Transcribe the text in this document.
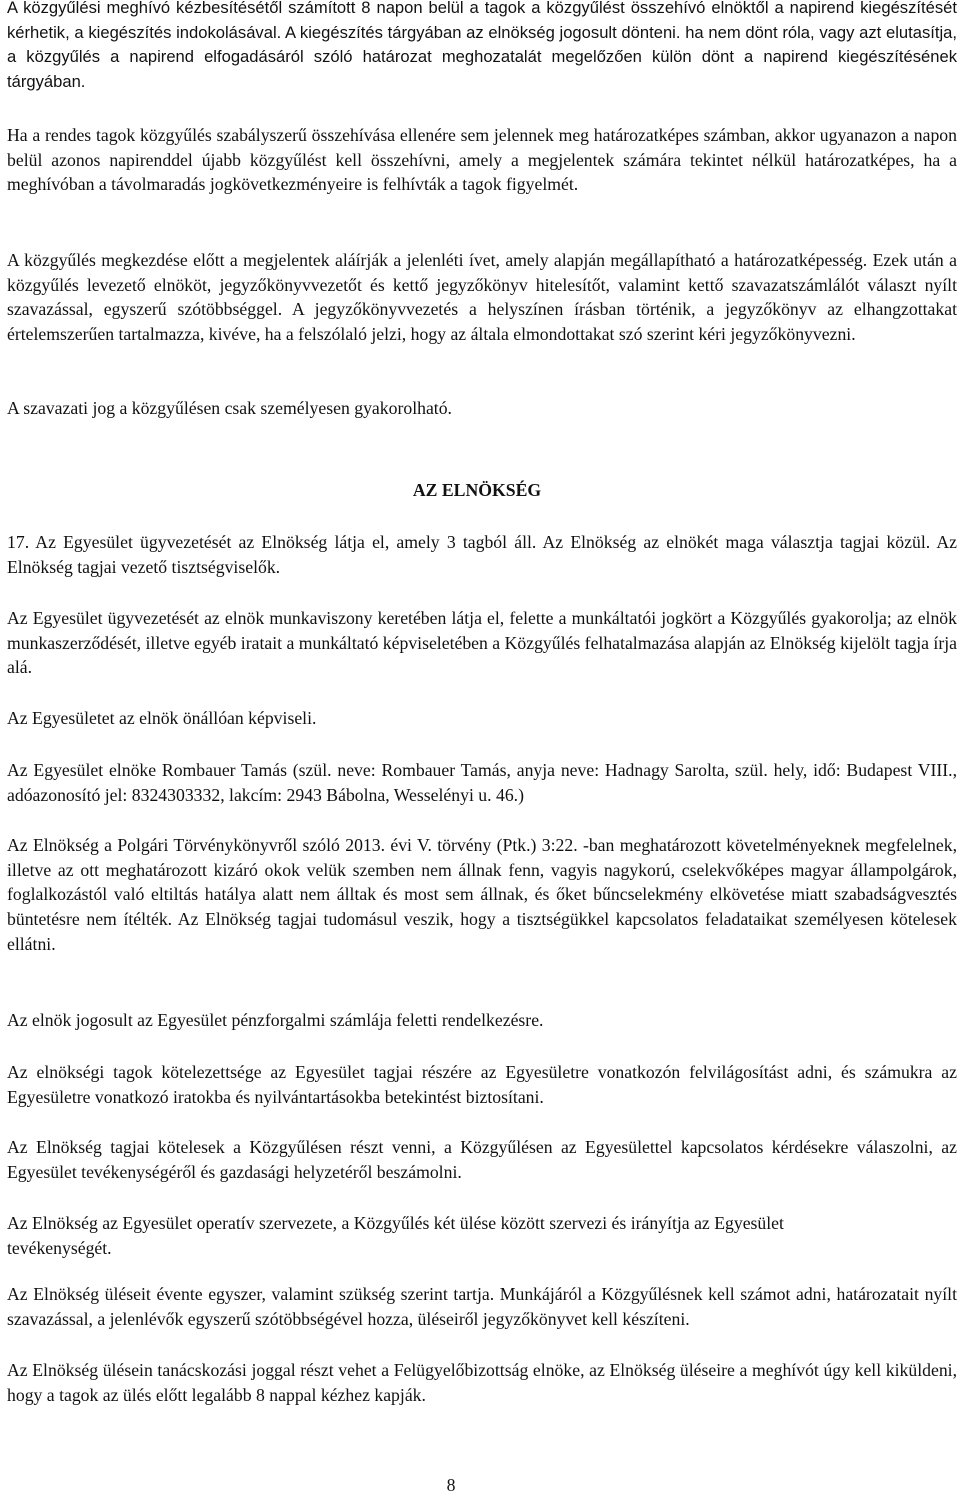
A közgyűlési meghívó kézbesítésétől számított 8 napon belül a tagok a közgyűlést összehívó elnöktől a napirend kiegészítését kérhetik, a kiegészítés indokolásával. A kiegészítés tárgyában az elnökség jogosult dönteni. ha nem dönt róla, vagy azt elutasítja, a közgyűlés a napirend elfogadásáról szóló határozat meghozatalát megelőzően külön dönt a napirend kiegészítésének tárgyában.

Ha a rendes tagok közgyűlés szabályszerű összehívása ellenére sem jelennek meg határozatképes számban, akkor ugyanazon a napon belül azonos napirenddel újabb közgyűlést kell összehívni, amely a megjelentek számára tekintet nélkül határozatképes, ha a meghívóban a távolmaradás jogkövetkezményeire is felhívták a tagok figyelmét.

A közgyűlés megkezdése előtt a megjelentek aláírják a jelenléti ívet, amely alapján megállapítható a határozatképesség. Ezek után a közgyűlés levezető elnököt, jegyzőkönyvvezetőt és kettő jegyzőkönyv hitelesítőt, valamint kettő szavazatszámlálót választ nyílt szavazással, egyszerű szótöbbséggel. A jegyzőkönyvvezetés a helyszínen írásban történik, a jegyzőkönyv az elhangzottakat értelemszerűen tartalmazza, kivéve, ha a felszólaló jelzi, hogy az általa elmondottakat szó szerint kéri jegyzőkönyvezni.

A szavazati jog a közgyűlésen csak személyesen gyakorolható.

AZ ELNÖKSÉG

17. Az Egyesület ügyvezetését az Elnökség látja el, amely 3 tagból áll. Az Elnökség az elnökét maga választja tagjai közül. Az Elnökség tagjai vezető tisztségviselők.

Az Egyesület ügyvezetését az elnök munkaviszony keretében látja el, felette a munkáltatói jogkört a Közgyűlés gyakorolja; az elnök munkaszerződését, illetve egyéb iratait a munkáltató képviseletében a Közgyűlés felhatalmazása alapján az Elnökség kijelölt tagja írja alá.

Az Egyesületet az elnök önállóan képviseli.

Az Egyesület elnöke Rombauer Tamás (szül. neve: Rombauer Tamás, anyja neve: Hadnagy Sarolta, szül. hely, idő: Budapest VIII., adóazonosító jel: 8324303332, lakcím: 2943 Bábolna, Wesselényi u. 46.)

Az Elnökség a Polgári Törvénykönyvről szóló 2013. évi V. törvény (Ptk.) 3:22. -ban meghatározott követelményeknek megfelelnek, illetve az ott meghatározott kizáró okok velük szemben nem állnak fenn, vagyis nagykorú, cselekvőképes magyar állampolgárok, foglalkozástól való eltiltás hatálya alatt nem álltak és most sem állnak, és őket bűncselekmény elkövetése miatt szabadságvesztés büntetésre nem ítélték. Az Elnökség tagjai tudomásul veszik, hogy a tisztségükkel kapcsolatos feladataikat személyesen kötelesek ellátni.

Az elnök jogosult az Egyesület pénzforgalmi számlája feletti rendelkezésre.

Az elnökségi tagok kötelezettsége az Egyesület tagjai részére az Egyesületre vonatkozón felvilágosítást adni, és számukra az Egyesületre vonatkozó iratokba és nyilvántartásokba betekintést biztosítani.

Az Elnökség tagjai kötelesek a Közgyűlésen részt venni, a Közgyűlésen az Egyesülettel kapcsolatos kérdésekre válaszolni, az Egyesület tevékenységéről és gazdasági helyzetéről beszámolni.

Az Elnökség az Egyesület operatív szervezete, a Közgyűlés két ülése között szervezi és irányítja az Egyesület tevékenységét.

Az Elnökség üléseit évente egyszer, valamint szükség szerint tartja. Munkájáról a Közgyűlésnek kell számot adni, határozatait nyílt szavazással, a jelenlévők egyszerű szótöbbségével hozza, üléseiről jegyzőkönyvet kell készíteni.

Az Elnökség ülésein tanácskozási joggal részt vehet a Felügyelőbizottság elnöke, az Elnökség üléseire a meghívót úgy kell kiküldeni, hogy a tagok az ülés előtt legalább 8 nappal kézhez kapják.

8
